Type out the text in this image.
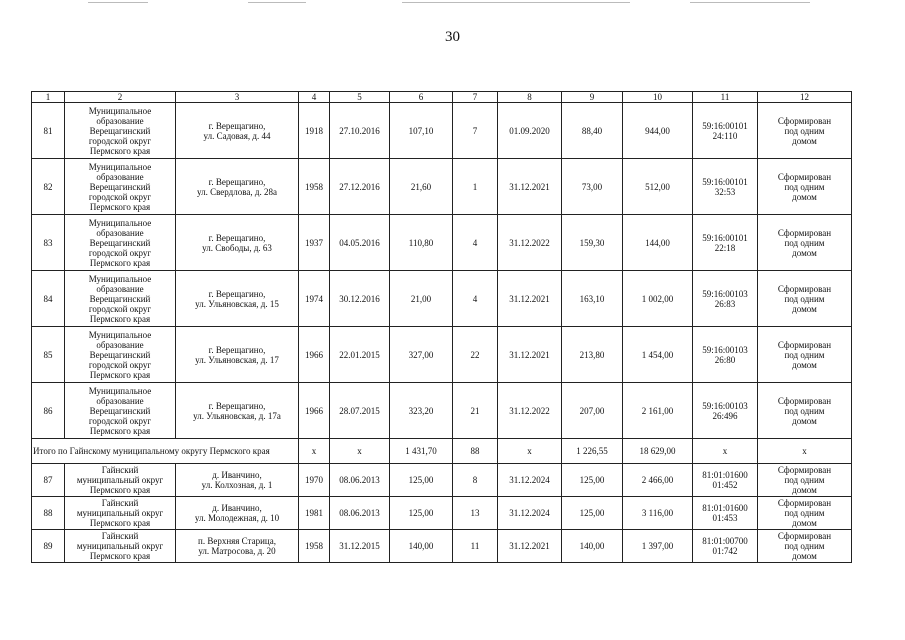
30
1	2	3	4	5	6	7	8	9	10	11	12
81	Муниципальное
образование
Верещагинский
городской округ
Пермского края	г. Верещагино,
ул. Садовая, д. 44	1918	27.10.2016	107,10	7	01.09.2020	88,40	944,00	59:16:00101
24:110	Сформирован
под одним
домом
82	Муниципальное
образование
Верещагинский
городской округ
Пермского края	г. Верещагино,
ул. Свердлова, д. 28а	1958	27.12.2016	21,60	1	31.12.2021	73,00	512,00	59:16:00101
32:53	Сформирован
под одним
домом
83	Муниципальное
образование
Верещагинский
городской округ
Пермского края	г. Верещагино,
ул. Свободы, д. 63	1937	04.05.2016	110,80	4	31.12.2022	159,30	144,00	59:16:00101
22:18	Сформирован
под одним
домом
84	Муниципальное
образование
Верещагинский
городской округ
Пермского края	г. Верещагино,
ул. Ульяновская, д. 15	1974	30.12.2016	21,00	4	31.12.2021	163,10	1 002,00	59:16:00103
26:83	Сформирован
под одним
домом
85	Муниципальное
образование
Верещагинский
городской округ
Пермского края	г. Верещагино,
ул. Ульяновская, д. 17	1966	22.01.2015	327,00	22	31.12.2021	213,80	1 454,00	59:16:00103
26:80	Сформирован
под одним
домом
86	Муниципальное
образование
Верещагинский
городской округ
Пермского края	г. Верещагино,
ул. Ульяновская, д. 17а	1966	28.07.2015	323,20	21	31.12.2022	207,00	2 161,00	59:16:00103
26:496	Сформирован
под одним
домом
Итого по Гайнскому муниципальному округу Пермского края			x	x	1 431,70	88	x	1 226,55	18 629,00	x	x
87	Гайнский
муниципальный округ
Пермского края	д. Иванчино,
ул. Колхозная, д. 1	1970	08.06.2013	125,00	8	31.12.2024	125,00	2 466,00	81:01:01600
01:452	Сформирован
под одним
домом
88	Гайнский
муниципальный округ
Пермского края	д. Иванчино,
ул. Молодежная, д. 10	1981	08.06.2013	125,00	13	31.12.2024	125,00	3 116,00	81:01:01600
01:453	Сформирован
под одним
домом
89	Гайнский
муниципальный округ
Пермского края	п. Верхняя Старица,
ул. Матросова, д. 20	1958	31.12.2015	140,00	11	31.12.2021	140,00	1 397,00	81:01:00700
01:742	Сформирован
под одним
домом
